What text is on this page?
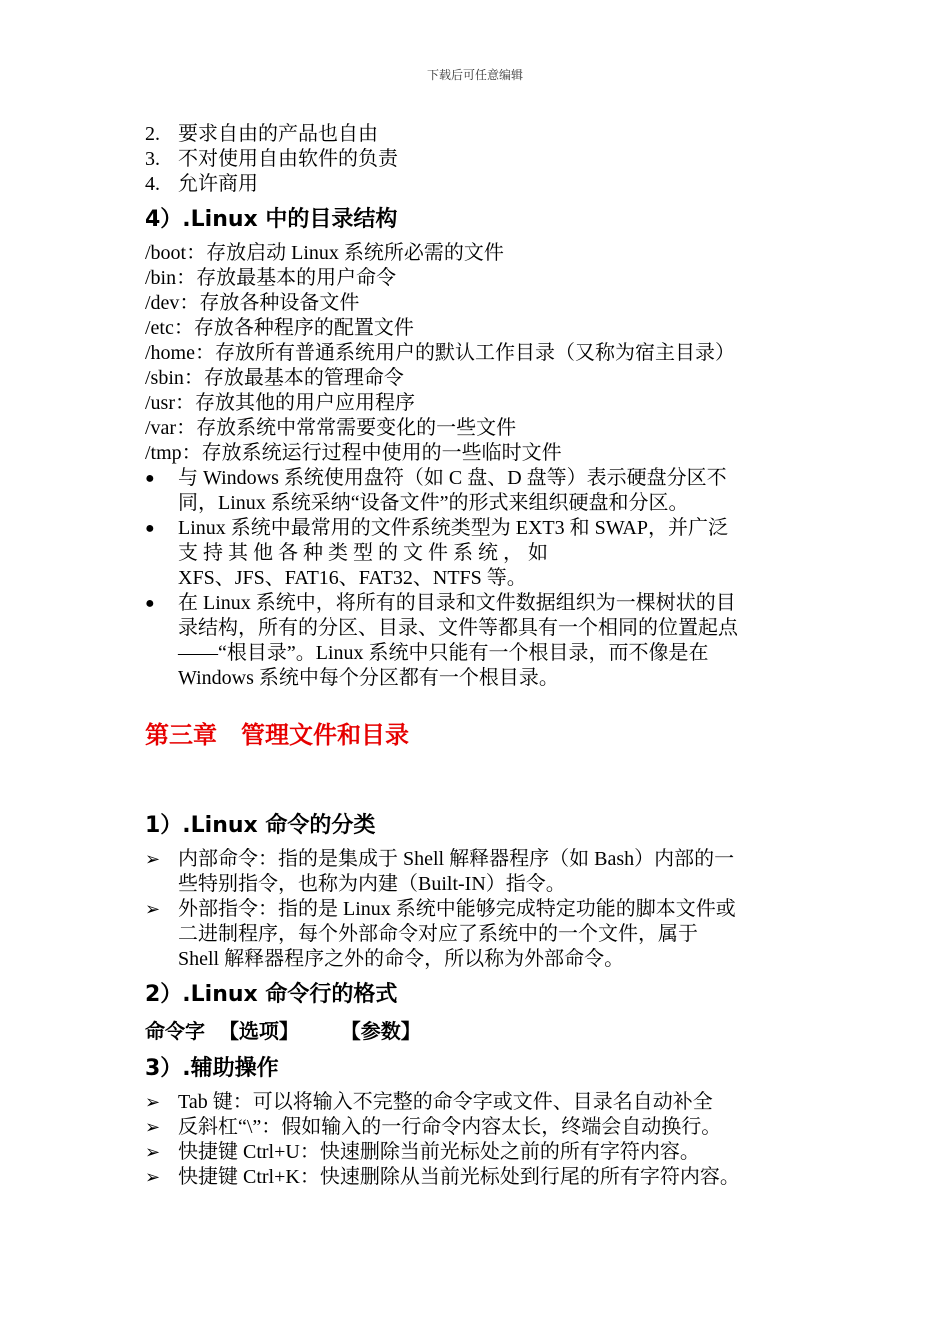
下载后可任意编辑
2. 要求自由的产品也自由
3. 不对使用自由软件的负责
4. 允许商用
4）.Linux 中的目录结构
/boot：存放启动 Linux 系统所必需的文件
/bin：存放最基本的用户命令
/dev：存放各种设备文件
/etc：存放各种程序的配置文件
/home：存放所有普通系统用户的默认工作目录（又称为宿主目录）
/sbin：存放最基本的管理命令
/usr：存放其他的用户应用程序
/var：存放系统中常常需要变化的一些文件
/tmp：存放系统运行过程中使用的一些临时文件
●	与 Windows 系统使用盘符（如 C 盘、D 盘等）表示硬盘分区不
同，Linux 系统采纳“设备文件”的形式来组织硬盘和分区。
●	Linux 系统中最常用的文件系统类型为 EXT3 和 SWAP，并广泛
支 持 其 他 各 种 类 型 的 文 件 系 统 ， 如
XFS、JFS、FAT16、FAT32、NTFS 等。
●	在 Linux 系统中，将所有的目录和文件数据组织为一棵树状的目
录结构，所有的分区、目录、文件等都具有一个相同的位置起点
——“根目录”。Linux 系统中只能有一个根目录，而不像是在
Windows 系统中每个分区都有一个根目录。
第三章 管理文件和目录
1）.Linux 命令的分类
➢ 内部命令：指的是集成于 Shell 解释器程序（如 Bash）内部的一
些特别指令，也称为内建（Built-IN）指令。
➢ 外部指令：指的是 Linux 系统中能够完成特定功能的脚本文件或
二进制程序，每个外部命令对应了系统中的一个文件，属于
Shell 解释器程序之外的命令，所以称为外部命令。
2）.Linux 命令行的格式
命令字 【选项】 【参数】
3）.辅助操作
➢ Tab 键：可以将输入不完整的命令字或文件、目录名自动补全
➢ 反斜杠“\”：假如输入的一行命令内容太长，终端会自动换行。
➢ 快捷键 Ctrl+U：快速删除当前光标处之前的所有字符内容。
➢ 快捷键 Ctrl+K：快速删除从当前光标处到行尾的所有字符内容。
